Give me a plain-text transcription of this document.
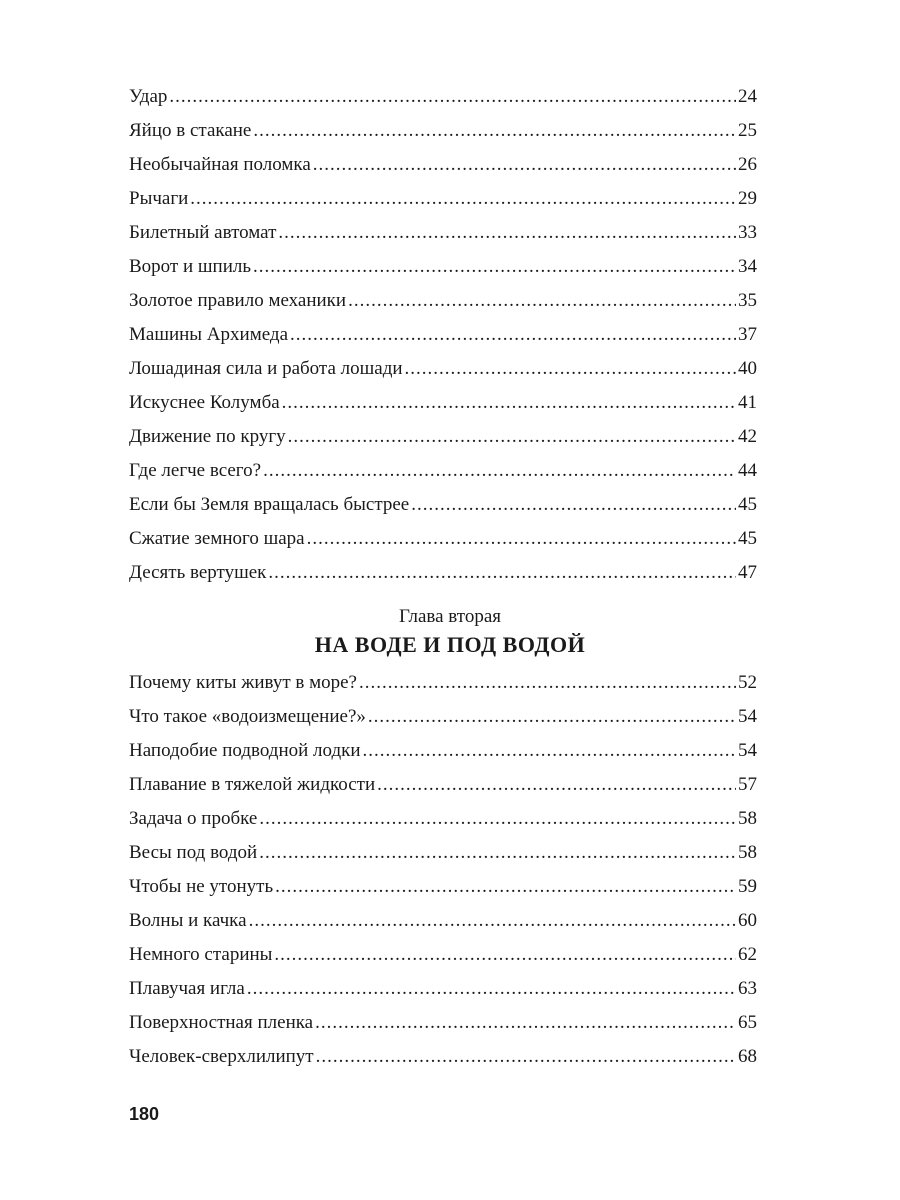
Удар .....	24
Яйцо в стакане .....	25
Необычайная поломка .....	26
Рычаги .....	29
Билетный автомат .....	33
Ворот и шпиль .....	34
Золотое правило механики .....	35
Машины Архимеда .....	37
Лошадиная сила и работа лошади .....	40
Искуснее Колумба .....	41
Движение по кругу .....	42
Где легче всего? .....	44
Если бы Земля вращалась быстрее .....	45
Сжатие земного шара .....	45
Десять вертушек .....	47
Глава вторая
НА ВОДЕ И ПОД ВОДОЙ
Почему киты живут в море? .....	52
Что такое «водоизмещение?» .....	54
Наподобие подводной лодки .....	54
Плавание в тяжелой жидкости .....	57
Задача о пробке .....	58
Весы под водой .....	58
Чтобы не утонуть .....	59
Волны и качка .....	60
Немного старины .....	62
Плавучая игла .....	63
Поверхностная пленка .....	65
Человек-сверхлилипут .....	68
180
